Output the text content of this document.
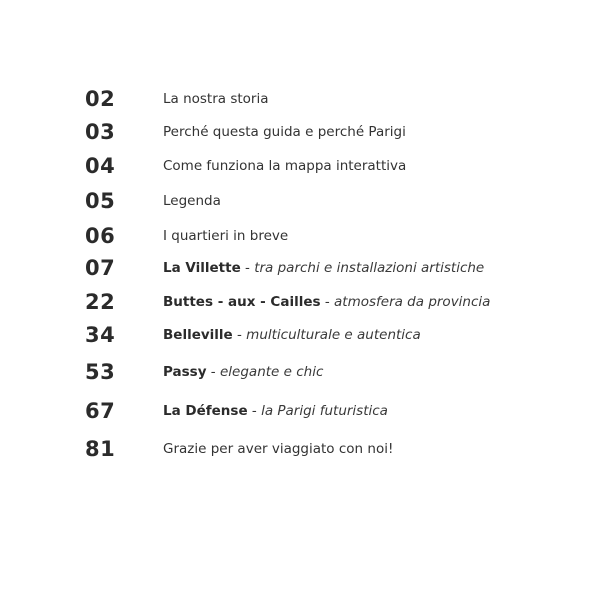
02	La nostra storia
03	Perché questa guida e perché Parigi
04	Come funziona la mappa interattiva
05	Legenda
06	I quartieri in breve
07	La Villette - tra parchi e installazioni artistiche
22	Buttes - aux - Cailles - atmosfera da provincia
34	Belleville - multiculturale e autentica
53	Passy - elegante e chic
67	La Défense - la Parigi futuristica
81	Grazie per aver viaggiato con noi!
